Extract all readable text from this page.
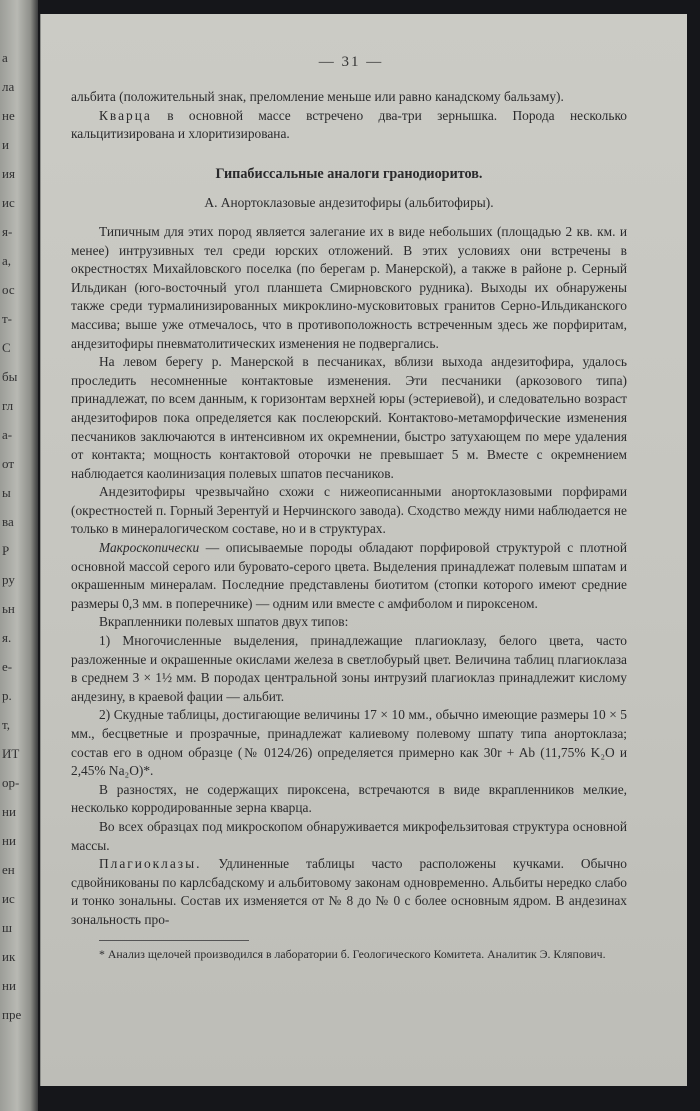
a
ла
не
и
ия
ис
я-
а,
ос
т-
С
бы
гл
а-
от
ы
ва
Р
ру
ьн
я.
е-
р.
т,
ИТ
ор-
ни
ни
ен
ис
ш
ик
ни
пре
— 31 —

альбита (положительный знак, преломление меньше или равно канадскому бальзаму).

Кварца в основной массе встречено два-три зернышка. Порода несколько кальцитизирована и хлоритизирована.

Гипабиссальные аналоги гранодиоритов.

А. Анортоклазовые андезитофиры (альбитофиры).

Типичным для этих пород является залегание их в виде небольших (площадью 2 кв. км. и менее) интрузивных тел среди юрских отложений. В этих условиях они встречены в окрестностях Михайловского поселка (по берегам р. Манерской), а также в районе р. Серный Ильдикан (юго-восточный угол планшета Смирновского рудника). Выходы их обнаружены также среди турмалинизированных микроклино-мусковитовых гранитов Серно-Ильдиканского массива; выше уже отмечалось, что в противоположность встреченным здесь же порфиритам, андезитофиры пневматолитических изменения не подвергались.

На левом берегу р. Манерской в песчаниках, вблизи выхода андезитофира, удалось проследить несомненные контактовые изменения. Эти песчаники (аркозового типа) принадлежат, по всем данным, к горизонтам верхней юры (эстериевой), и следовательно возраст андезитофиров пока определяется как послеюрский. Контактово-метаморфические изменения песчаников заключаются в интенсивном их окремнении, быстро затухающем по мере удаления от контакта; мощность контактовой оторочки не превышает 5 м. Вместе с окремнением наблюдается каолинизация полевых шпатов песчаников.

Андезитофиры чрезвычайно схожи с нижеописанными анортоклазовыми порфирами (окрестностей п. Горный Зерентуй и Нерчинского завода). Сходство между ними наблюдается не только в минералогическом составе, но и в структурах.

Макроскопически — описываемые породы обладают порфировой структурой с плотной основной массой серого или буровато-серого цвета. Выделения принадлежат полевым шпатам и окрашенным минералам. Последние представлены биотитом (стопки которого имеют средние размеры 0,3 мм. в поперечнике) — одним или вместе с амфиболом и пироксеном.

Вкрапленники полевых шпатов двух типов:

1) Многочисленные выделения, принадлежащие плагиоклазу, белого цвета, часто разложенные и окрашенные окислами железа в светлобурый цвет. Величина таблиц плагиоклаза в среднем 3 × 1½ мм. В породах центральной зоны интрузий плагиоклаз принадлежит кислому андезину, в краевой фации — альбит.

2) Скудные таблицы, достигающие величины 17 × 10 мм., обычно имеющие размеры 10 × 5 мм., бесцветные и прозрачные, принадлежат калиевому полевому шпату типа анортоклаза; состав его в одном образце (№ 0124/26) определяется примерно как 30r + Ab (11,75% K₂O и 2,45% Na₂O)*.

В разностях, не содержащих пироксена, встречаются в виде вкрапленников мелкие, несколько корродированные зерна кварца.

Во всех образцах под микроскопом обнаруживается микрофельзитовая структура основной массы.

Плагиоклазы. Удлиненные таблицы часто расположены кучками. Обычно сдвойникованы по карлсбадскому и альбитовому законам одновременно. Альбиты нередко слабо и тонко зональны. Состав их изменяется от № 8 до № 0 с более основным ядром. В андезинах зональность про-

* Анализ щелочей производился в лаборатории б. Геологического Комитета. Аналитик Э. Кляпович.
